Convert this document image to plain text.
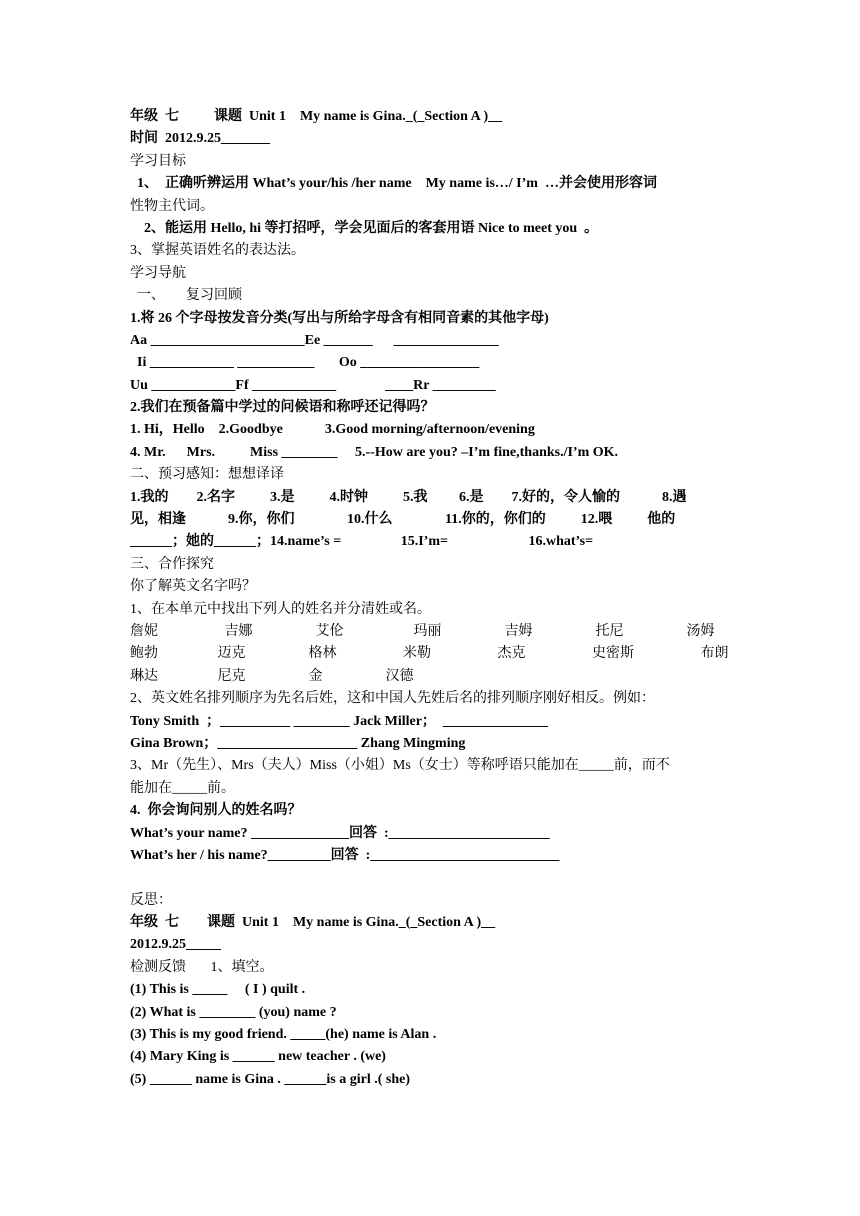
年级  七          课题  Unit 1    My name is Gina._(_Section A )__
时间  2012.9.25_______
学习目标
1、  正确听辨运用 What’s your/his /her name    My name is…/ I’m  …并会使用形容词
性物主代词。
2、能运用 Hello, hi 等打招呼，学会见面后的客套用语 Nice to meet you  。
3、掌握英语姓名的表达法。
学习导航
一、      复习回顾
1.将 26 个字母按发音分类(写出与所给字母含有相同音素的其他字母)
Aa ______________________Ee _______      _______________
Ii ____________ ___________       Oo _________________
Uu ____________Ff ____________              ____Rr _________
2.我们在预备篇中学过的问候语和称呼还记得吗？
1. Hi，Hello    2.Goodbye            3.Good morning/afternoon/evening
4. Mr.      Mrs.          Miss ________     5.--How are you? –I’m fine,thanks./I’m OK.
二、预习感知：想想译译
1.我的        2.名字          3.是          4.时钟          5.我         6.是        7.好的，令人愉的            8.遇
见，相逢            9.你，你们               10.什么               11.你的，你们的          12.喂          他的
______；她的______；14.name’s =                 15.I’m=                       16.what’s=
三、合作探究
你了解英文名字吗？
1、在本单元中找出下列人的姓名并分清姓或名。
詹妮                   吉娜                  艾伦                    玛丽                  吉姆                  托尼                  汤姆
鲍勃                 迈克                  格林                   米勒                   杰克                   史密斯                   布朗
琳达                 尼克                  金                  汉德
2、英文姓名排列顺序为先名后姓，这和中国人先姓后名的排列顺序刚好相反。例如：
Tony Smith  ；__________ ________ Jack Miller；  _______________
Gina Brown；____________________ Zhang Mingming
3、Mr（先生）、Mrs（夫人）Miss（小姐）Ms（女士）等称呼语只能加在_____前，而不
能加在_____前。
4.  你会询问别人的姓名吗？
What’s your name? ______________回答  :_______________________
What’s her / his name?_________回答  :___________________________
反思：
年级  七        课题  Unit 1    My name is Gina._(_Section A )__
2012.9.25_____
检测反馈       1、填空。
(1) This is _____     ( I ) quilt .
(2) What is ________ (you) name ?
(3) This is my good friend. _____(he) name is Alan .
(4) Mary King is ______ new teacher . (we)
(5) ______ name is Gina . ______is a girl .( she)
